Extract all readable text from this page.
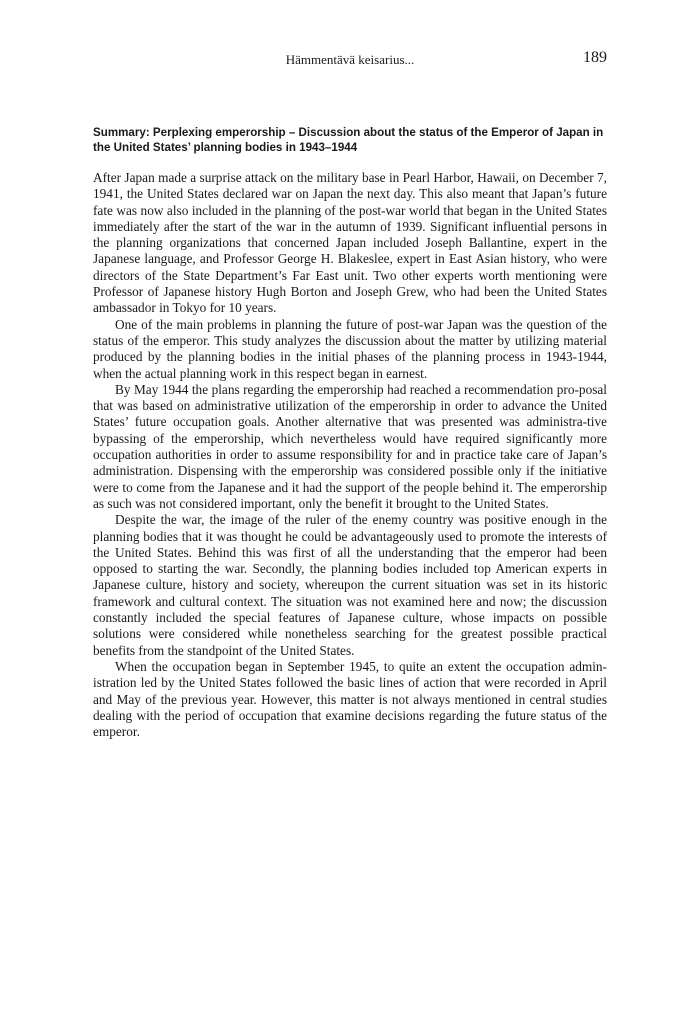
Hämmentävä keisarius...	189
Summary: Perplexing emperorship – Discussion about the status of the Emperor of Japan in the United States’ planning bodies in 1943–1944

After Japan made a surprise attack on the military base in Pearl Harbor, Hawaii, on December 7, 1941, the United States declared war on Japan the next day. This also meant that Japan’s future fate was now also included in the planning of the post-war world that began in the United States immediately after the start of the war in the autumn of 1939. Significant influential persons in the planning organizations that concerned Japan included Joseph Ballantine, expert in the Japanese language, and Professor George H. Blakeslee, expert in East Asian history, who were directors of the State Department’s Far East unit. Two other experts worth mentioning were Professor of Japanese history Hugh Borton and Joseph Grew, who had been the United States ambassador in Tokyo for 10 years.

One of the main problems in planning the future of post-war Japan was the question of the status of the emperor. This study analyzes the discussion about the matter by utilizing material produced by the planning bodies in the initial phases of the planning process in 1943-1944, when the actual planning work in this respect began in earnest.

By May 1944 the plans regarding the emperorship had reached a recommendation pro-posal that was based on administrative utilization of the emperorship in order to advance the United States’ future occupation goals. Another alternative that was presented was administra-tive bypassing of the emperorship, which nevertheless would have required significantly more occupation authorities in order to assume responsibility for and in practice take care of Japan’s administration. Dispensing with the emperorship was considered possible only if the initiative were to come from the Japanese and it had the support of the people behind it. The emperorship as such was not considered important, only the benefit it brought to the United States.

Despite the war, the image of the ruler of the enemy country was positive enough in the planning bodies that it was thought he could be advantageously used to promote the interests of the United States. Behind this was first of all the understanding that the emperor had been opposed to starting the war. Secondly, the planning bodies included top American experts in Japanese culture, history and society, whereupon the current situation was set in its historic framework and cultural context. The situation was not examined here and now; the discussion constantly included the special features of Japanese culture, whose impacts on possible solutions were considered while nonetheless searching for the greatest possible practical benefits from the standpoint of the United States.

When the occupation began in September 1945, to quite an extent the occupation admin-istration led by the United States followed the basic lines of action that were recorded in April and May of the previous year. However, this matter is not always mentioned in central studies dealing with the period of occupation that examine decisions regarding the future status of the emperor.
